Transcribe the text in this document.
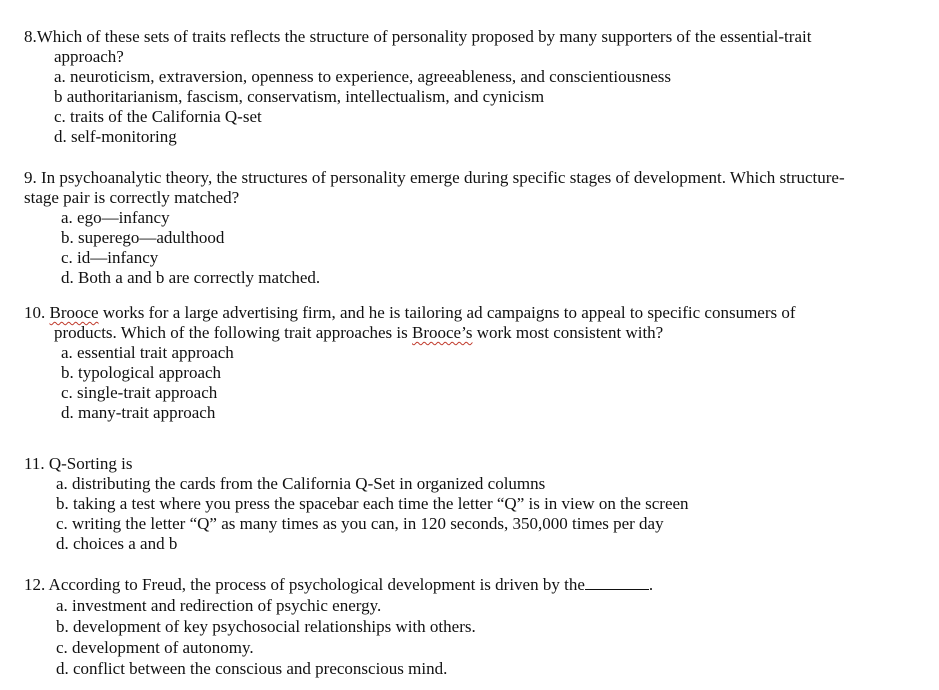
8.Which of these sets of traits reflects the structure of personality proposed by many supporters of the essential-trait

approach?

a. neuroticism, extraversion, openness to experience, agreeableness, and conscientiousness

b authoritarianism, fascism, conservatism, intellectualism, and cynicism

c. traits of the California Q-set

d. self-monitoring

9. In psychoanalytic theory, the structures of personality emerge during specific stages of development. Which structure-

stage pair is correctly matched?

a. ego—infancy

b. superego—adulthood

c. id—infancy

d. Both a and b are correctly matched.

10. Brooce works for a large advertising firm, and he is tailoring ad campaigns to appeal to specific consumers of

products. Which of the following trait approaches is Brooce’s work most consistent with?

a. essential trait approach

b. typological approach

c. single-trait approach

d. many-trait approach

11. Q-Sorting is

a. distributing the cards from the California Q-Set in organized columns

b. taking a test where you press the spacebar each time the letter “Q” is in view on the screen

c. writing the letter “Q” as many times as you can, in 120 seconds, 350,000 times per day

d. choices a and b

12. According to Freud, the process of psychological development is driven by the	.

a. investment and redirection of psychic energy.

b. development of key psychosocial relationships with others.

c. development of autonomy.

d. conflict between the conscious and preconscious mind.
